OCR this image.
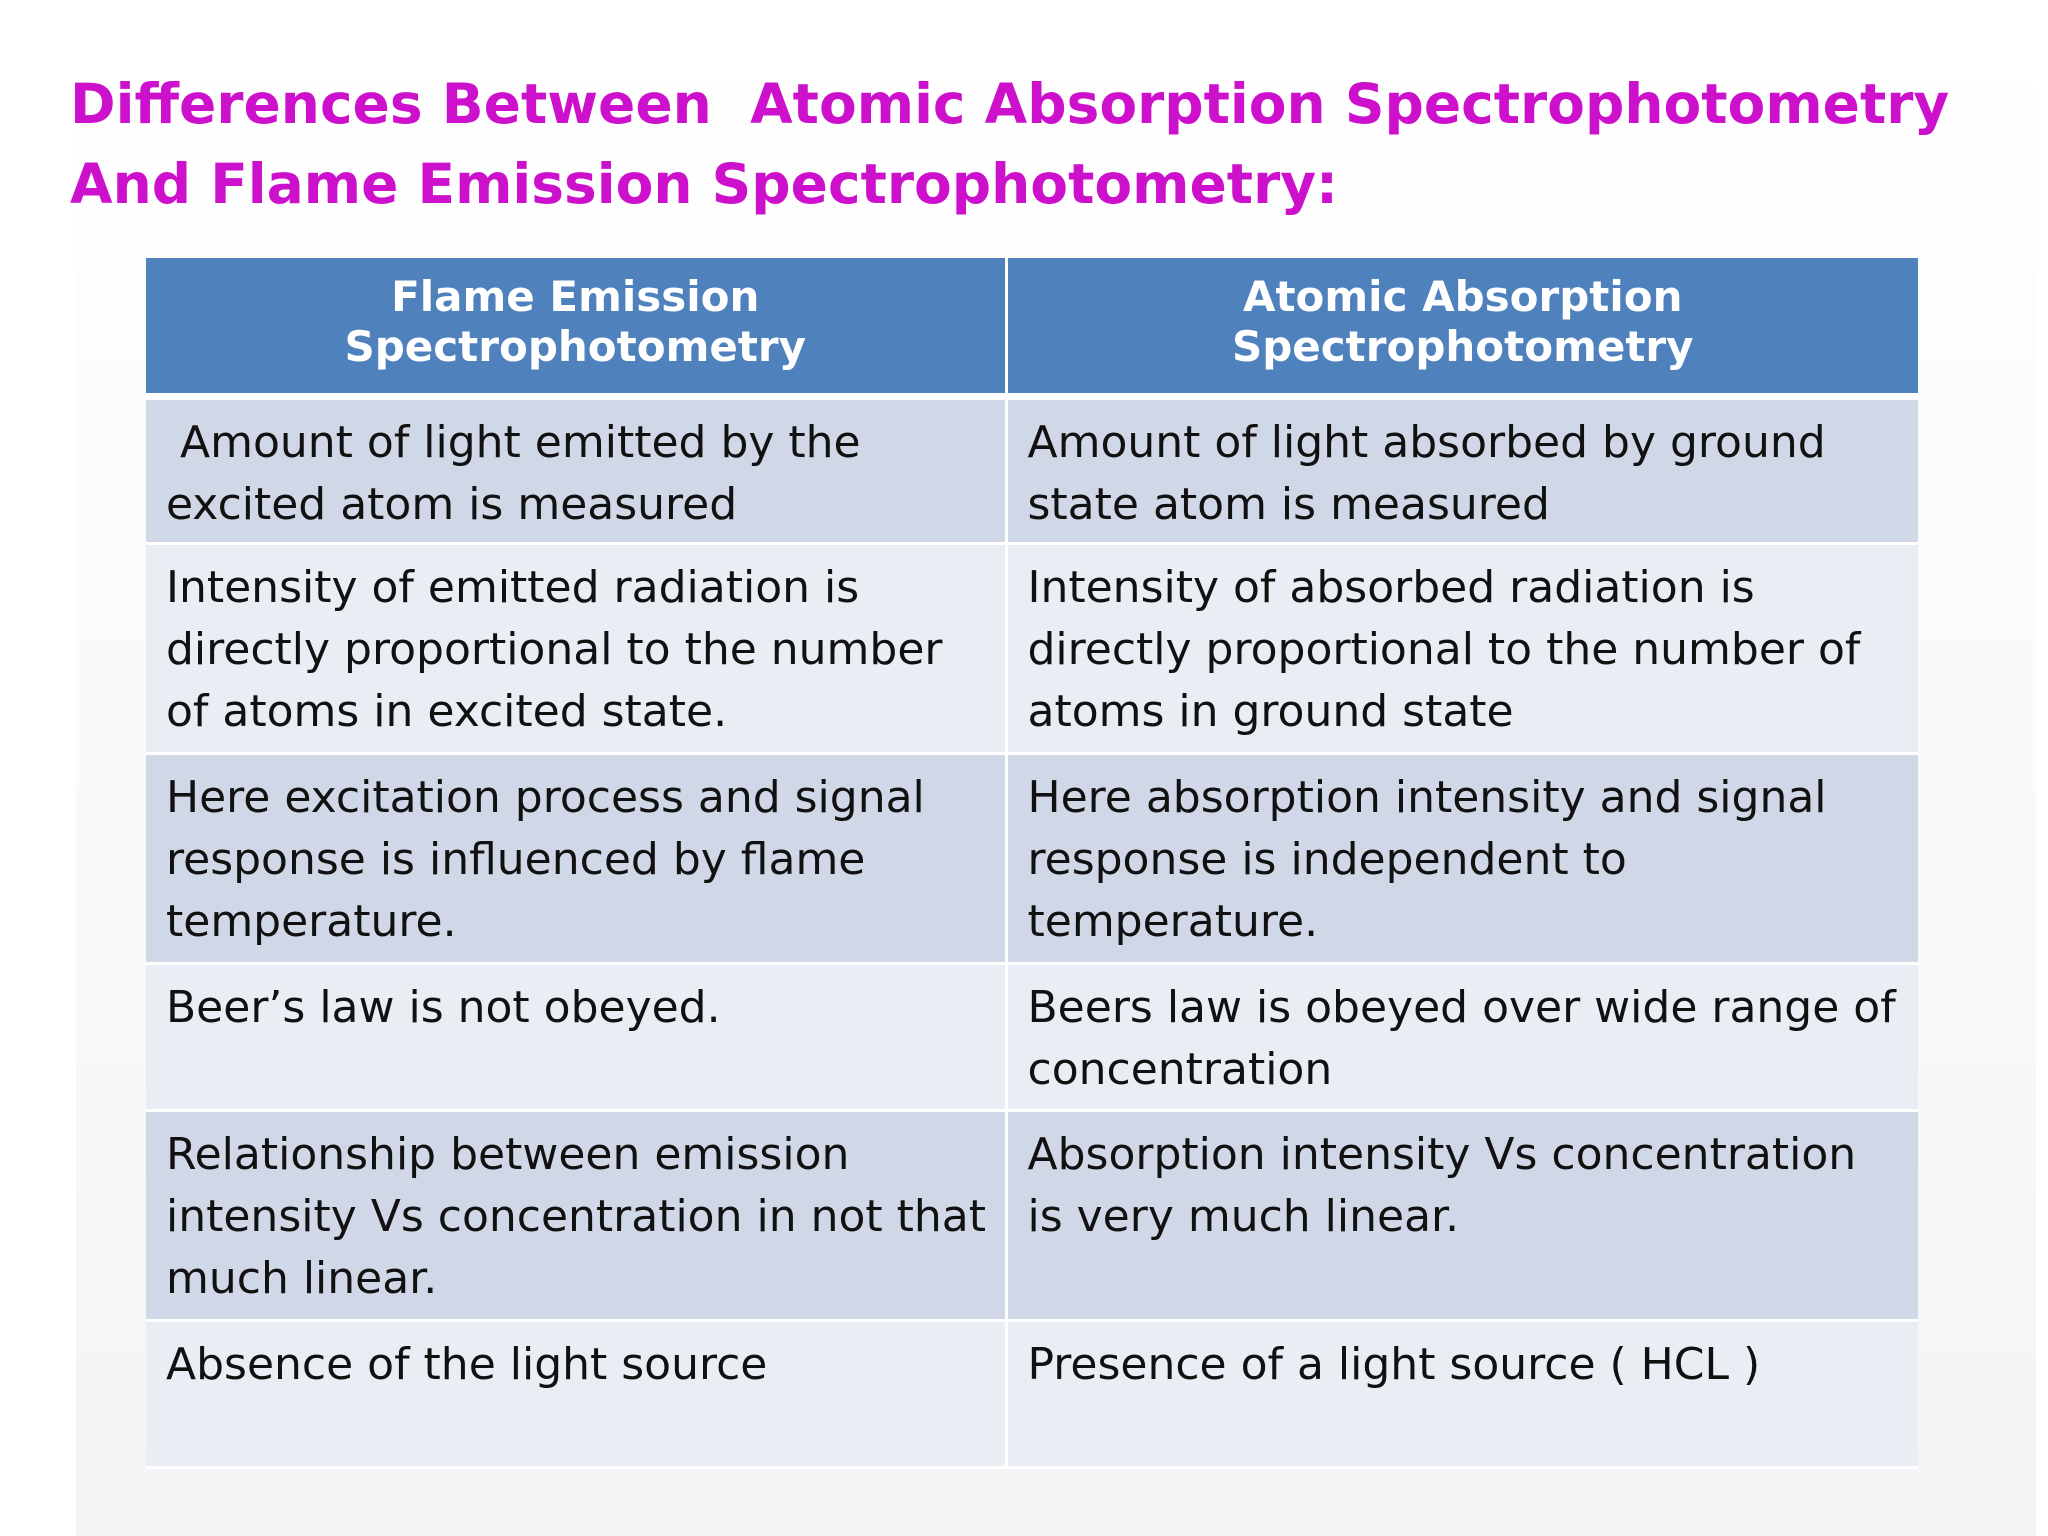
Differences Between  Atomic Absorption Spectrophotometry
And Flame Emission Spectrophotometry:
Flame Emission Spectrophotometry	Atomic Absorption Spectrophotometry
Amount of light emitted by the excited atom is measured	Amount of light absorbed by ground state atom is measured
Intensity of emitted radiation is directly proportional to the number of atoms in excited state.	Intensity of absorbed radiation is directly proportional to the number of atoms in ground state
Here excitation process and signal response is influenced by flame temperature.	Here absorption intensity and signal response is independent to temperature.
Beer’s law is not obeyed.	Beers law is obeyed over wide range of concentration
Relationship between emission intensity Vs concentration in not that much linear.	Absorption intensity Vs concentration is very much linear.
Absence of the light source	Presence of a light source ( HCL )
